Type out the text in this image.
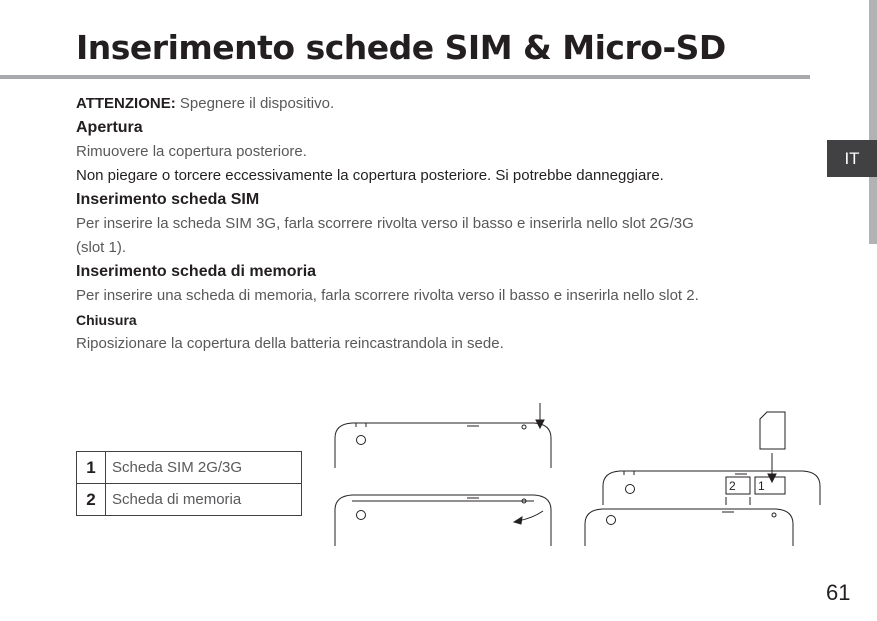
Inserimento schede SIM & Micro-SD
IT

ATTENZIONE: Spegnere il dispositivo.

Apertura

Rimuovere la copertura posteriore.

Non piegare o torcere eccessivamente la copertura posteriore. Si potrebbe danneggiare.

Inserimento scheda SIM

Per inserire la scheda SIM 3G, farla scorrere rivolta verso il basso e inserirla nello slot 2G/3G

(slot 1).

Inserimento scheda di memoria

Per inserire una scheda di memoria, farla scorrere rivolta verso il basso e inserirla nello slot 2.

Chiusura

Riposizionare la copertura della batteria reincastrandola in sede.

1	Scheda SIM 2G/3G
2	Scheda di memoria
2 1
61
